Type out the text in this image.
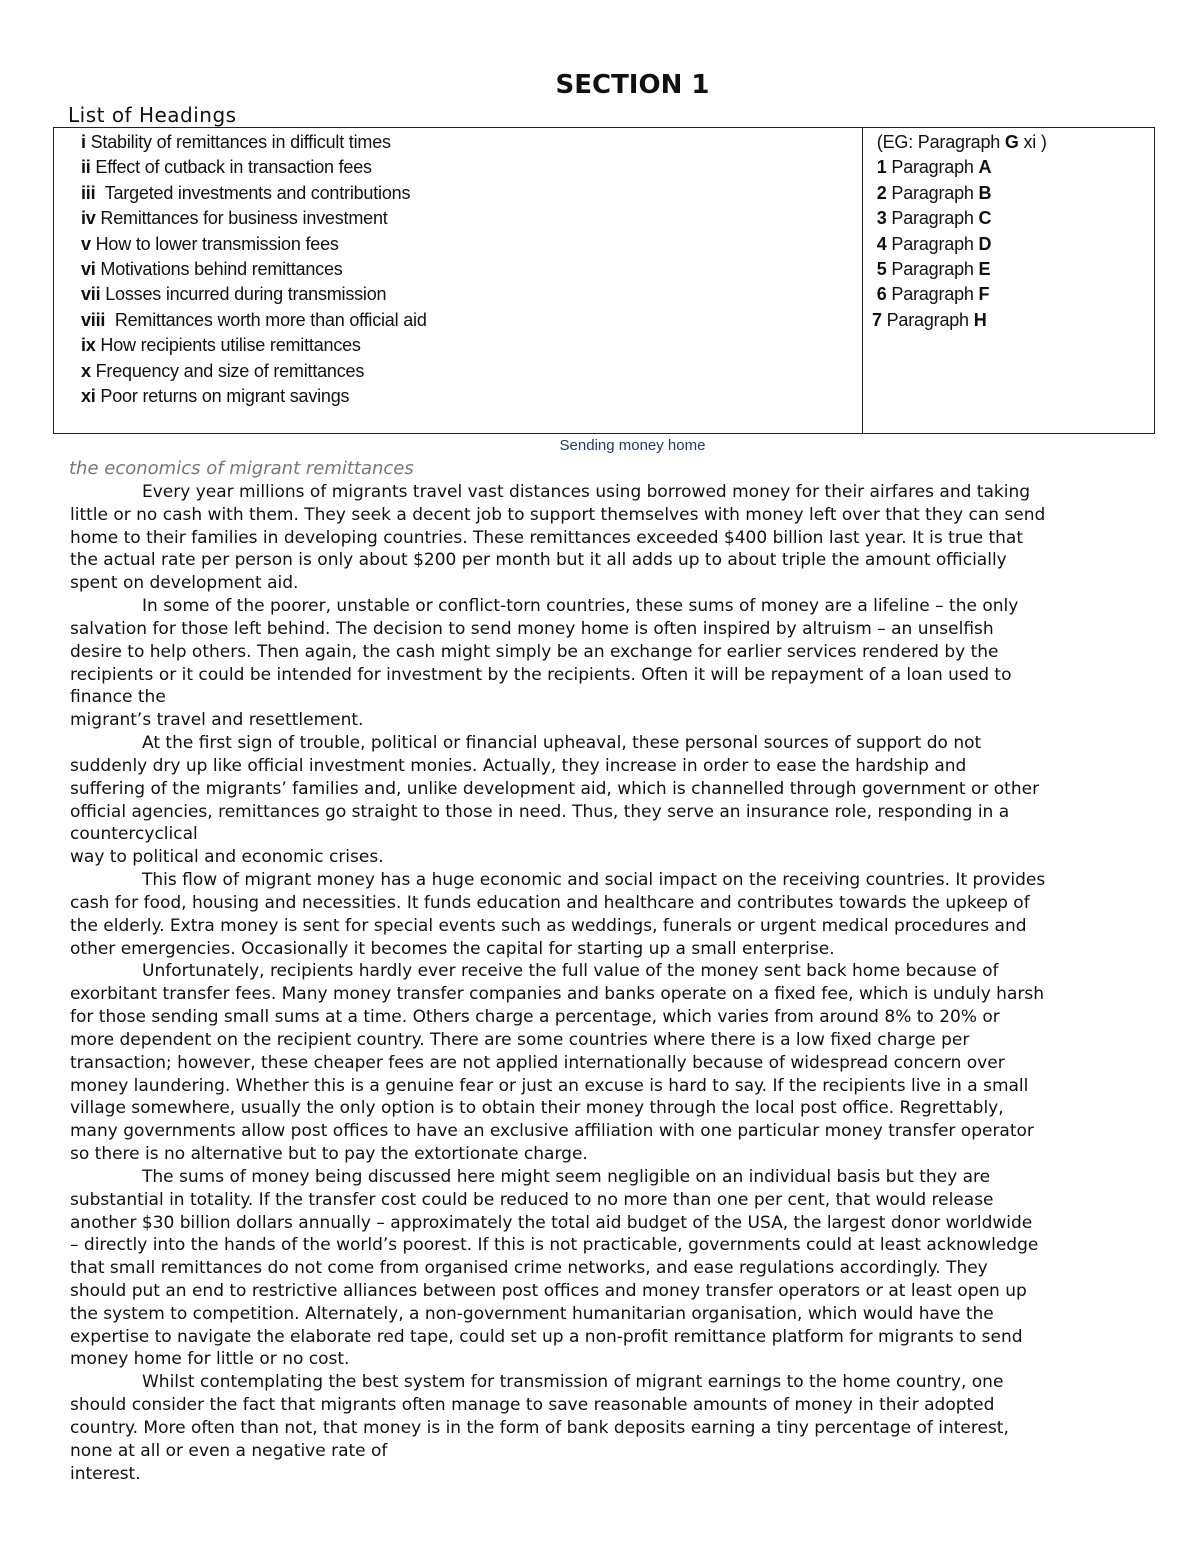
SECTION 1
List of Headings
i Stability of remittances in difficult times
ii Effect of cutback in transaction fees
iii  Targeted investments and contributions
iv Remittances for business investment
v How to lower transmission fees
vi Motivations behind remittances
vii Losses incurred during transmission
viii  Remittances worth more than official aid
ix How recipients utilise remittances
x Frequency and size of remittances
xi Poor returns on migrant savings
(EG: Paragraph G xi )
1 Paragraph A
2 Paragraph B
3 Paragraph C
4 Paragraph D
5 Paragraph E
6 Paragraph F
7 Paragraph H
Sending money home
the economics of migrant remittances
Every year millions of migrants travel vast distances using borrowed money for their airfares and taking
little or no cash with them. They seek a decent job to support themselves with money left over that they can send
home to their families in developing countries. These remittances exceeded $400 billion last year. It is true that
the actual rate per person is only about $200 per month but it all adds up to about triple the amount officially
spent on development aid.
In some of the poorer, unstable or conflict-torn countries, these sums of money are a lifeline – the only
salvation for those left behind. The decision to send money home is often inspired by altruism – an unselfish
desire to help others. Then again, the cash might simply be an exchange for earlier services rendered by the
recipients or it could be intended for investment by the recipients. Often it will be repayment of a loan used to
finance the
migrant’s travel and resettlement.
At the first sign of trouble, political or financial upheaval, these personal sources of support do not
suddenly dry up like official investment monies. Actually, they increase in order to ease the hardship and
suffering of the migrants’ families and, unlike development aid, which is channelled through government or other
official agencies, remittances go straight to those in need. Thus, they serve an insurance role, responding in a
countercyclical
way to political and economic crises.
This flow of migrant money has a huge economic and social impact on the receiving countries. It provides
cash for food, housing and necessities. It funds education and healthcare and contributes towards the upkeep of
the elderly. Extra money is sent for special events such as weddings, funerals or urgent medical procedures and
other emergencies. Occasionally it becomes the capital for starting up a small enterprise.
Unfortunately, recipients hardly ever receive the full value of the money sent back home because of
exorbitant transfer fees. Many money transfer companies and banks operate on a fixed fee, which is unduly harsh
for those sending small sums at a time. Others charge a percentage, which varies from around 8% to 20% or
more dependent on the recipient country. There are some countries where there is a low fixed charge per
transaction; however, these cheaper fees are not applied internationally because of widespread concern over
money laundering. Whether this is a genuine fear or just an excuse is hard to say. If the recipients live in a small
village somewhere, usually the only option is to obtain their money through the local post office. Regrettably,
many governments allow post offices to have an exclusive affiliation with one particular money transfer operator
so there is no alternative but to pay the extortionate charge.
The sums of money being discussed here might seem negligible on an individual basis but they are
substantial in totality. If the transfer cost could be reduced to no more than one per cent, that would release
another $30 billion dollars annually – approximately the total aid budget of the USA, the largest donor worldwide
– directly into the hands of the world’s poorest. If this is not practicable, governments could at least acknowledge
that small remittances do not come from organised crime networks, and ease regulations accordingly. They
should put an end to restrictive alliances between post offices and money transfer operators or at least open up
the system to competition. Alternately, a non-government humanitarian organisation, which would have the
expertise to navigate the elaborate red tape, could set up a non-profit remittance platform for migrants to send
money home for little or no cost.
Whilst contemplating the best system for transmission of migrant earnings to the home country, one
should consider the fact that migrants often manage to save reasonable amounts of money in their adopted
country. More often than not, that money is in the form of bank deposits earning a tiny percentage of interest,
none at all or even a negative rate of
interest.
